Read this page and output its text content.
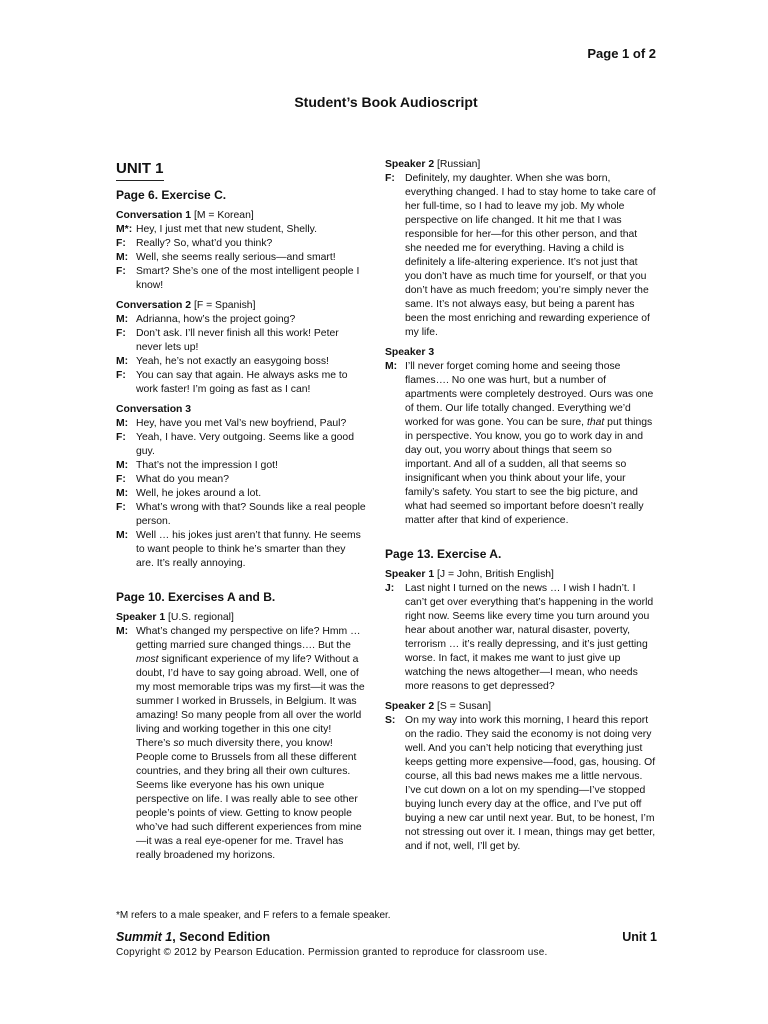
Page 1 of 2
Student’s Book Audioscript
UNIT 1
Page 6. Exercise C.
Conversation 1 [M = Korean]
M*: Hey, I just met that new student, Shelly.
F: Really? So, what’d you think?
M: Well, she seems really serious—and smart!
F: Smart? She’s one of the most intelligent people I know!
Conversation 2 [F = Spanish]
M: Adrianna, how’s the project going?
F: Don’t ask. I’ll never finish all this work! Peter never lets up!
M: Yeah, he’s not exactly an easygoing boss!
F: You can say that again. He always asks me to work faster! I’m going as fast as I can!
Conversation 3
M: Hey, have you met Val’s new boyfriend, Paul?
F: Yeah, I have. Very outgoing. Seems like a good guy.
M: That’s not the impression I got!
F: What do you mean?
M: Well, he jokes around a lot.
F: What’s wrong with that? Sounds like a real people person.
M: Well … his jokes just aren’t that funny. He seems to want people to think he’s smarter than they are. It’s really annoying.
Page 10. Exercises A and B.
Speaker 1 [U.S. regional]
M: What’s changed my perspective on life? Hmm … getting married sure changed things…. But the most significant experience of my life? Without a doubt, I’d have to say going abroad. Well, one of my most memorable trips was my first—it was the summer I worked in Brussels, in Belgium. It was amazing! So many people from all over the world living and working together in this one city! There’s so much diversity there, you know! People come to Brussels from all these different countries, and they bring all their own cultures. Seems like everyone has his own unique perspective on life. I was really able to see other people’s points of view. Getting to know people who’ve had such different experiences from mine—it was a real eye-opener for me. Travel has really broadened my horizons.
Speaker 2 [Russian]
F: Definitely, my daughter. When she was born, everything changed. I had to stay home to take care of her full-time, so I had to leave my job. My whole perspective on life changed. It hit me that I was responsible for her—for this other person, and that she needed me for everything. Having a child is definitely a life-altering experience. It’s not just that you don’t have as much time for yourself, or that you don’t have as much freedom; you’re simply never the same. It’s not always easy, but being a parent has been the most enriching and rewarding experience of my life.
Speaker 3
M: I’ll never forget coming home and seeing those flames…. No one was hurt, but a number of apartments were completely destroyed. Ours was one of them. Our life totally changed. Everything we’d worked for was gone. You can be sure, that put things in perspective. You know, you go to work day in and day out, you worry about things that seem so important. And all of a sudden, all that seems so insignificant when you think about your life, your family’s safety. You start to see the big picture, and what had seemed so important before doesn’t really matter after that kind of experience.
Page 13. Exercise A.
Speaker 1 [J = John, British English]
J:	Last night I turned on the news … I wish I hadn’t. I can’t get over everything that’s happening in the world right now. Seems like every time you turn around you hear about another war, natural disaster, poverty, terrorism … it’s really depressing, and it’s just getting worse. In fact, it makes me want to just give up watching the news altogether—I mean, who needs more reasons to get depressed?
Speaker 2 [S = Susan]
S: On my way into work this morning, I heard this report on the radio. They said the economy is not doing very well. And you can’t help noticing that everything just keeps getting more expensive—food, gas, housing. Of course, all this bad news makes me a little nervous. I’ve cut down on a lot on my spending—I’ve stopped buying lunch every day at the office, and I’ve put off buying a new car until next year. But, to be honest, I’m not stressing out over it. I mean, things may get better, and if not, well, I’ll get by.
*M refers to a male speaker, and F refers to a female speaker.
Summit 1, Second Edition	Unit 1
Copyright © 2012 by Pearson Education. Permission granted to reproduce for classroom use.
